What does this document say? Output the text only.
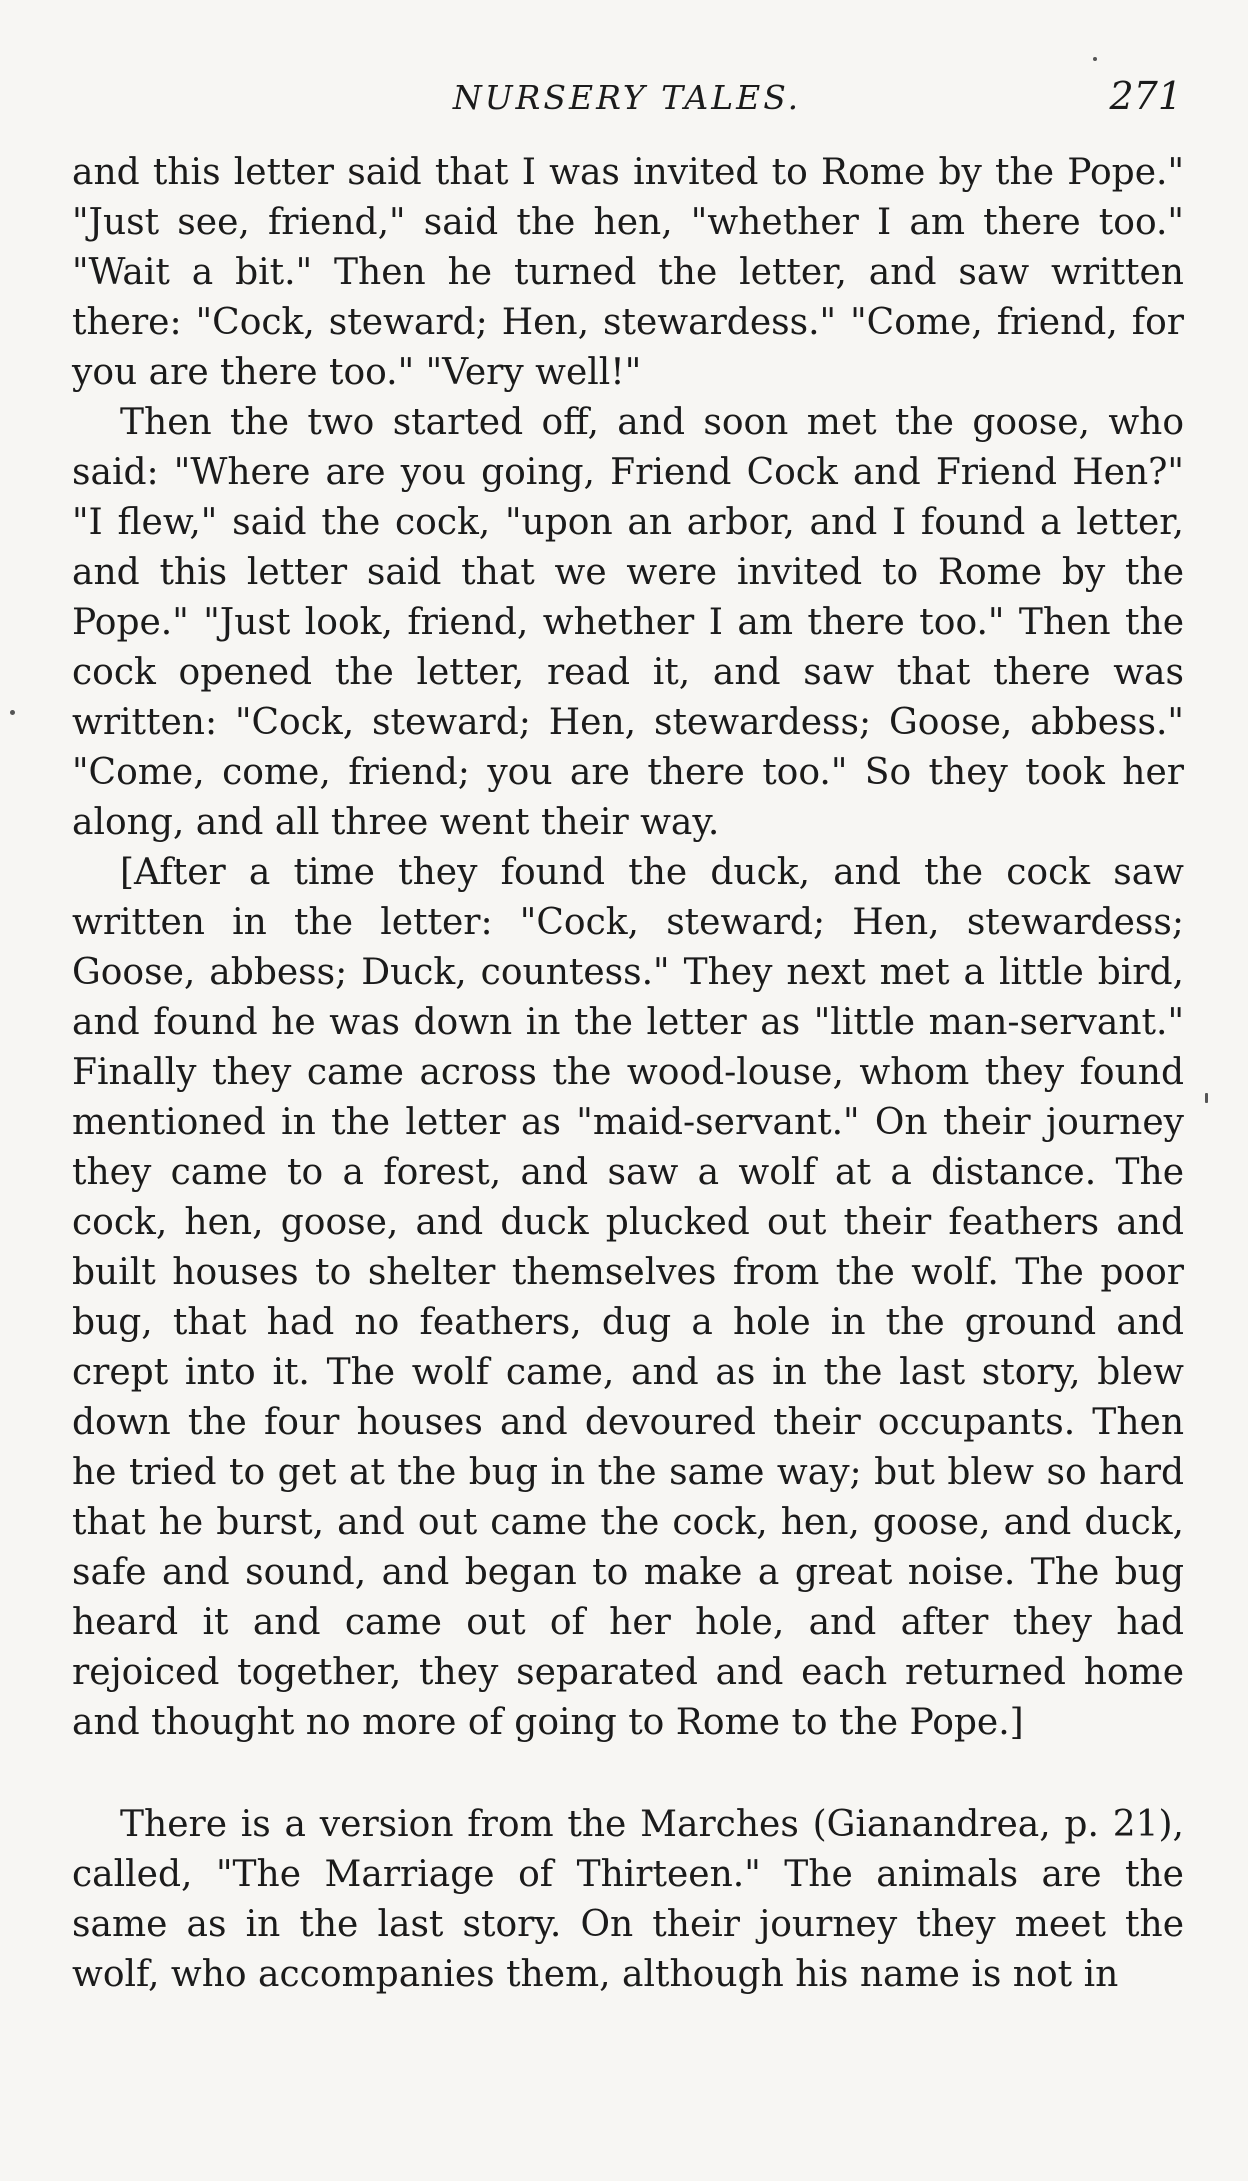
NURSERY TALES.	271

and this letter said that I was invited to Rome by the Pope." "Just see, friend," said the hen, "whether I am there too." "Wait a bit." Then he turned the letter, and saw written there: "Cock, steward; Hen, stewardess." "Come, friend, for you are there too." "Very well!"

Then the two started off, and soon met the goose, who said: "Where are you going, Friend Cock and Friend Hen?" "I flew," said the cock, "upon an arbor, and I found a letter, and this letter said that we were invited to Rome by the Pope." "Just look, friend, whether I am there too." Then the cock opened the letter, read it, and saw that there was written: "Cock, steward; Hen, stewardess; Goose, abbess." "Come, come, friend; you are there too." So they took her along, and all three went their way.

[After a time they found the duck, and the cock saw written in the letter: "Cock, steward; Hen, stewardess; Goose, abbess; Duck, countess." They next met a little bird, and found he was down in the letter as "little man-servant." Finally they came across the wood-louse, whom they found mentioned in the letter as "maid-servant." On their journey they came to a forest, and saw a wolf at a distance. The cock, hen, goose, and duck plucked out their feathers and built houses to shelter themselves from the wolf. The poor bug, that had no feathers, dug a hole in the ground and crept into it. The wolf came, and as in the last story, blew down the four houses and devoured their occupants. Then he tried to get at the bug in the same way; but blew so hard that he burst, and out came the cock, hen, goose, and duck, safe and sound, and began to make a great noise. The bug heard it and came out of her hole, and after they had rejoiced together, they separated and each returned home and thought no more of going to Rome to the Pope.]

There is a version from the Marches (Gianandrea, p. 21), called, "The Marriage of Thirteen." The animals are the same as in the last story. On their journey they meet the wolf, who accompanies them, although his name is not in
